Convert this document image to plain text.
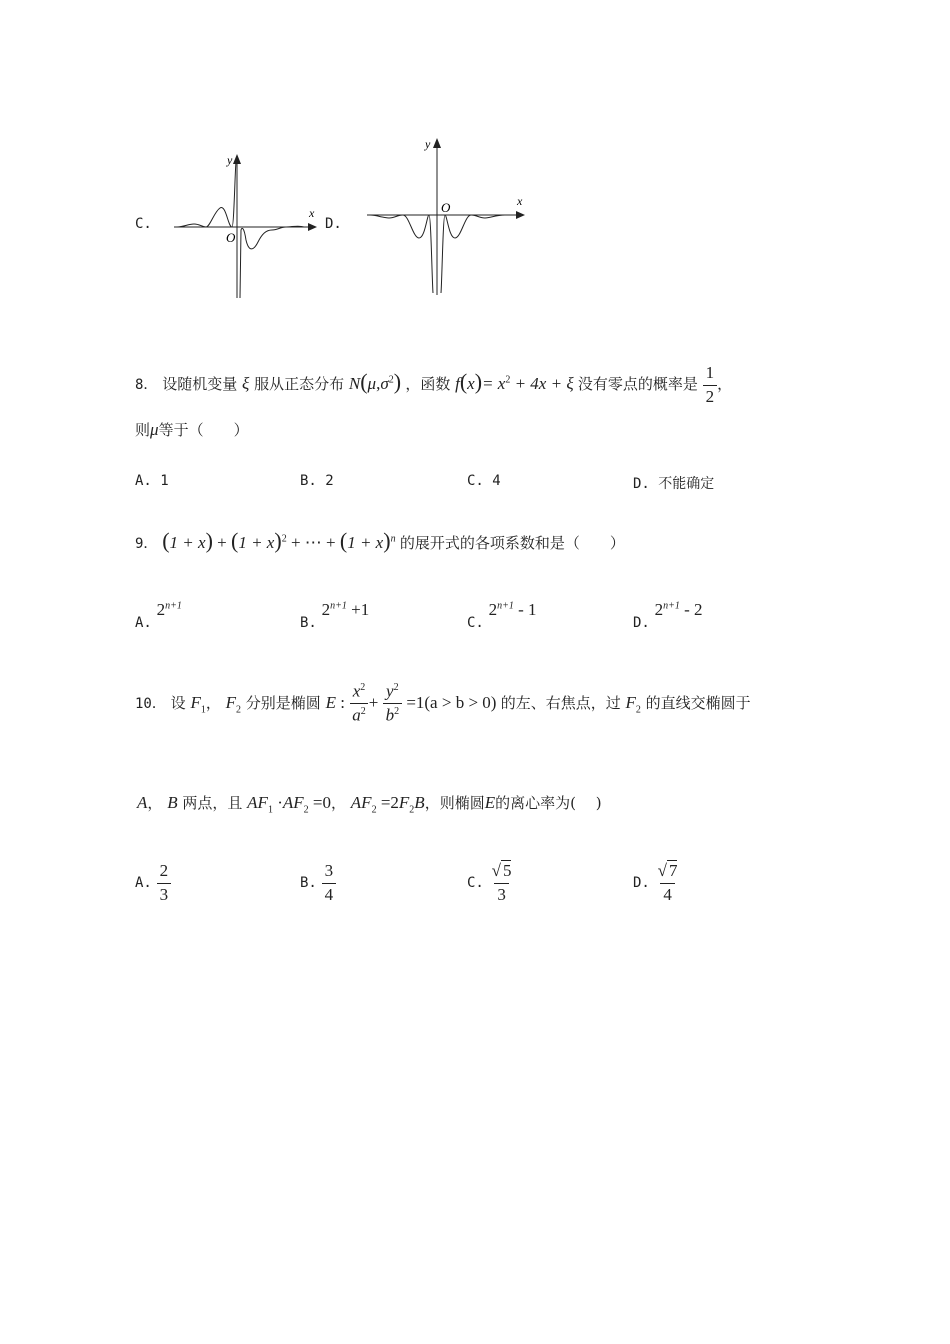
C.	D.
x
y
O
x
y
O
8． 设随机变量 ξ 服从正态分布 $N(\mu,\sigma^2)$ ，函数 $f(x)= x^2 + 4x + \xi$ 没有零点的概率是 $\frac{1}{2}$ ，
则μ等于（　　）
A. 1	B. 2	C. 4	D. 不能确定
9． $(1 + x) + (1 + x)^2$ + ⋯ + $(1 + x)^n$ 的展开式的各项系数和是（　　）
A. $2^{n+1}$
B. $2^{n+1} +1$
C. $2^{n+1} - 1$
D. $2^{n+1} - 2$
10． 设 $F_1$， $F_2$ 分别是椭圆 E : $\frac{x^2}{a^2} + \frac{y^2}{b^2} =1(a > b > 0)$ 的左、右焦点，过 $F_2$ 的直线交椭圆于
A， B 两点，且 $AF_1 \cdot AF_2 =0$， $AF_2 =2F_2B$，则椭圆E的离心率为(　 )
A. $\frac{2}{3}$	B. $\frac{3}{4}$	C. $\frac{√ 5}{3}$	D. $\frac{√ 7}{4}$
